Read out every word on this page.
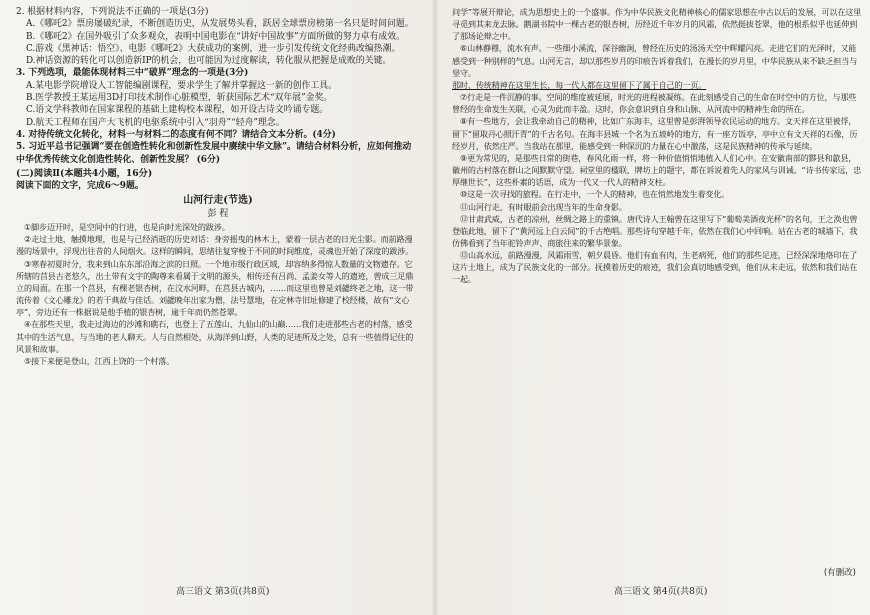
2. 根据材料内容，下列说法不正确的一项是(3分)

A.《哪吒2》票房屡破纪录，不断创造历史，从发展势头看，跃居全球票房榜第一名只是时间问题。

B.《哪吒2》在国外吸引了众多观众，表明中国电影在“讲好中国故事”方面所做的努力卓有成效。

C.游戏《黑神话：悟空》、电影《哪吒2》大获成功的案例，进一步引发传统文化经典改编热潮。

D.神话资源的转化可以创造新IP的机会，也可能因为过度解读，转化服从把握是成败的关键。

3. 下列选项，最能体现材料三中“破界”理念的一项是(3分)

A.某电影学院增设人工智能编剧课程，要求学生了解并掌握这一新的创作工具。

B.医学教授王某运用3D打印技术制作心脏模型，斩获国际艺术“双年展”金奖。

C.语文学科教师在国家课程的基础上建构校本课程，如开设古诗文吟诵专题。

D.航天工程师在国产大飞机的电驱系统中引入“羽舟”“轻舟”理念。

4. 对待传统文化转化，材料一与材料二的态度有何不同？请结合文本分析。(4分)

5. 习近平总书记强调“要在创造性转化和创新性发展中赓续中华文脉”。请结合材料分析，应如何推动中华优秀传统文化创造性转化、创新性发展？ (6分)

(二)阅读Ⅱ(本题共4小题，16分)

阅读下面的文字，完成6～9题。

山河行走(节选)

彭 程

①脚步迈开时，是空间中的行进，也是向时光深处的跋涉。

②走过土地，触摸地理，也是与已经消逝的历史对话：身旁摇曳的林木上，蒙着一层古老的日光尘影。而前路漫漫的场景中，浮现出往昔的人间烟火。这样的瞬间，思绪往复穿梭于不同的时间维度，灵魂也开始了深度的跋涉。

③寒春初夏时分，我来到山东东部沿海之滨的日照。一个地市级行政区域，却容纳多得惊人数量的文物遗存。它所辖的莒县古老悠久，出土带有文字的陶尊来看属于文明的源头，相传还有吕尚、孟姜女等人的遗迹，曾成三足鼎立的局面。在那一个莒县，有棵老银杏树，在汶水河畔，在莒县古城内，……而这里也曾是刘勰终老之地，这一带流传着《文心雕龙》的若干典故与佳话。刘勰晚年出家为僧，法号慧地，在定林寺旧址修建了校经楼，故有“文心亭”，旁边还有一株据说是他手植的银杏树，逾千年而仍然苍翠。

④在那些天里，我走过海边的沙滩和礁石，也登上了五莲山、九仙山的山巅……我们走进那些古老的村落，感受其中的生活气息，与当地的老人聊天。人与自然相处，从海洋到山野，人类的足迹所及之处，总有一些值得记住的风景和故事。

⑤接下来便是登山，江西上饶的一个村落。

问学”等展开辩论，成为思想史上的一个盛事。作为中华民族文化精神核心的儒家思想在中古以后的发展，可以在这里寻觅到其来龙去脉。鹅湖书院中一棵古老的银杏树，历经近千年岁月的风霜，依然挺拔苍翠，他的根系似乎也延伸到了那场论辩之中。

⑥山林静穆，流水有声。一些细小溪流，深谷幽涧，曾经在历史的汤汤天空中辉耀闪亮。走进它们的光泽时，又能感受到一种别样的气息。山河无言，却以那些岁月的印痕告诉着我们，在漫长的岁月里，中华民族从来不缺乏担当与坚守。

那时，传统精神在这里生长，每一代人都在这里留下了属于自己的一页。

⑦行走是一件沉静的事。空间的维度被延展，时光的进程被凝练。在此刻感受自己的生命在时空中的方位，与那些曾经的生命发生关联，心灵为此而丰盈。这时，你会意识到自身和山脉、从河流中的精神生命的所在。

⑧有一些地方，会让我牵动自己的精神，比如广东海丰，这里曾是彭湃领导农民运动的地方。文天祥在这里被俘，留下“留取丹心照汗青”的千古名句。在海丰县城一个名为五坡岭的地方，有一座方饭亭，亭中立有文天祥的石像，历经岁月，依然庄严。当我站在那里，能感受到一种深沉的力量在心中激荡，这是民族精神的传承与延续。

⑨更为常见的，是那些日常的街巷，春风化雨一样，将一种价值悄悄地植入人们心中。在安徽南部的黟县和歙县，徽州的古村落在群山之间默默守望。祠堂里的楹联，牌坊上的题字，都在诉说着先人的家风与训诫。“诗书传家远，忠厚继世长”，这些朴素的话语，成为一代又一代人的精神支柱。

⑩这是一次寻找的旅程。在行走中，一个人的精神，也在悄然地发生着变化。

⑪山河行走，有时眼前会出现当年的生命身影。

⑫甘肃武威，古老的凉州，丝绸之路上的重镇。唐代诗人王翰曾在这里写下“葡萄美酒夜光杯”的名句，王之涣也曾登临此地，留下了“黄河远上白云间”的千古绝唱。那些诗句穿越千年，依然在我们心中回响。站在古老的城墙下，我仿佛看到了当年驼铃声声、商旅往来的繁华景象。

⑬山高水远，前路漫漫，风霜雨雪，朝夕晨昏。他们有血有肉，生老病死，他们的那些足迹，已经深深地烙印在了这片土地上，成为了民族文化的一部分。抚摸着历史的痕迹，我们会真切地感受到，他们从未走远，依然和我们站在一起。

(有删改)
高三语文 第3页(共8页)	高三语文 第4页(共8页)
